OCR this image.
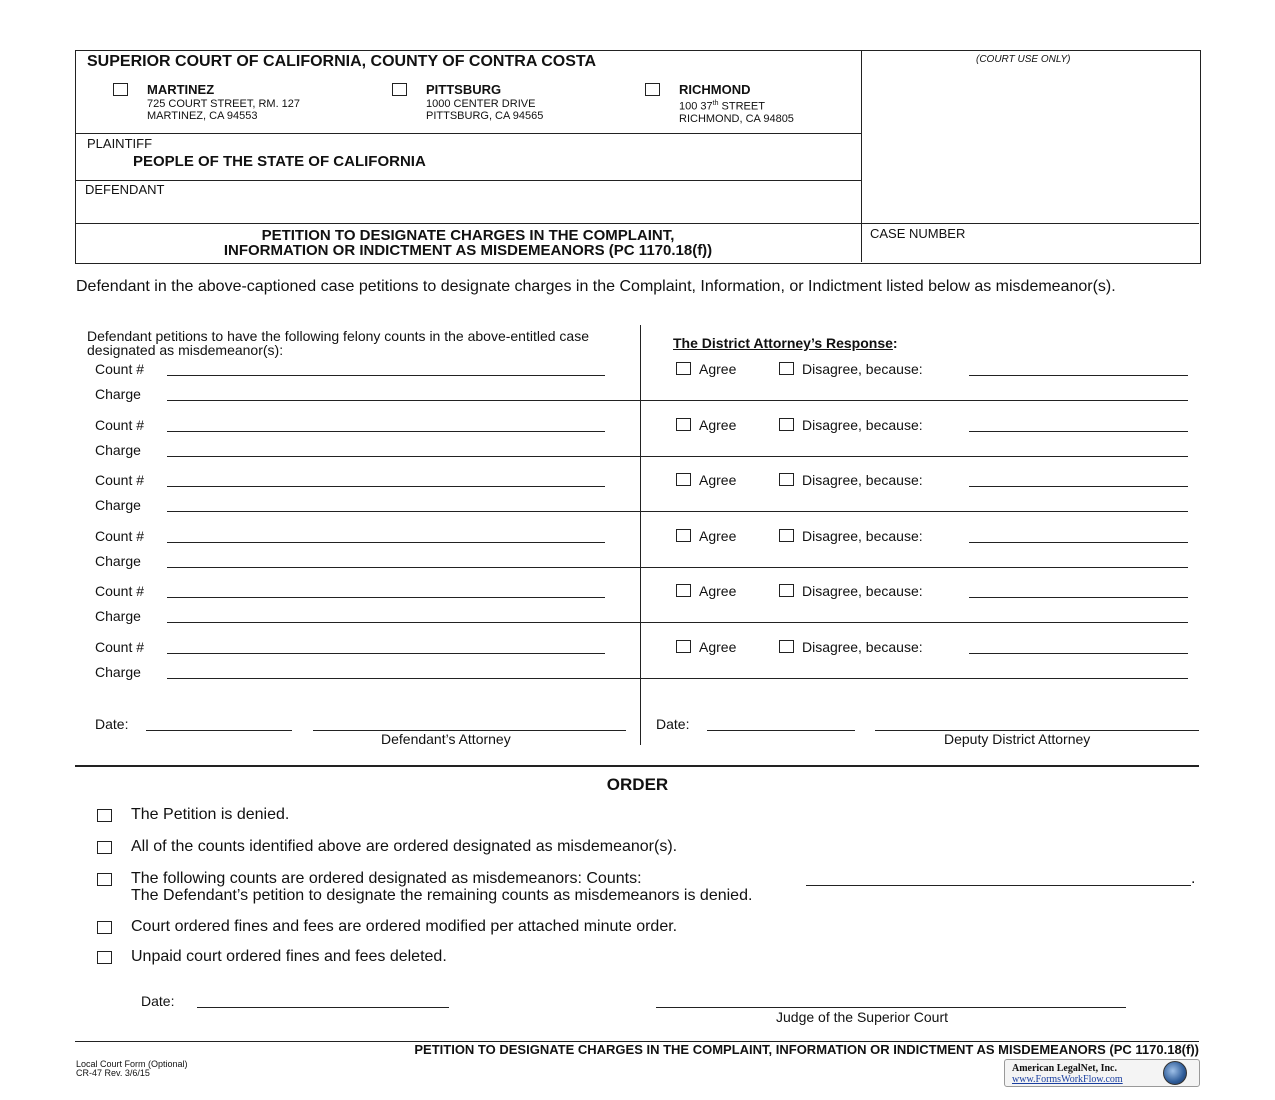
SUPERIOR COURT OF CALIFORNIA, COUNTY OF CONTRA COSTA	(COURT USE ONLY)
MARTINEZ
725 COURT STREET, RM. 127
MARTINEZ, CA 94553
PITTSBURG
1000 CENTER DRIVE
PITTSBURG, CA 94565
RICHMOND
100 37th STREET
RICHMOND, CA 94805
PLAINTIFF
PEOPLE OF THE STATE OF CALIFORNIA
DEFENDANT
PETITION TO DESIGNATE CHARGES IN THE COMPLAINT,
INFORMATION OR INDICTMENT AS MISDEMEANORS (PC 1170.18(f))
CASE NUMBER
Defendant in the above-captioned case petitions to designate charges in the Complaint, Information, or Indictment listed below as misdemeanor(s).
Defendant petitions to have the following felony counts in the above-entitled case designated as misdemeanor(s):	The District Attorney’s Response:
Count #
Charge
Agree	Disagree, because:
Count #
Charge
Agree	Disagree, because:
Count #
Charge
Agree	Disagree, because:
Count #
Charge
Agree	Disagree, because:
Count #
Charge
Agree	Disagree, because:
Count #
Charge
Agree	Disagree, because:
Date:
Defendant’s Attorney
Date:
Deputy District Attorney
ORDER
The Petition is denied.
All of the counts identified above are ordered designated as misdemeanor(s).
The following counts are ordered designated as misdemeanors: Counts:	.
The Defendant’s petition to designate the remaining counts as misdemeanors is denied.
Court ordered fines and fees are ordered modified per attached minute order.
Unpaid court ordered fines and fees deleted.
Date:
Judge of the Superior Court
PETITION TO DESIGNATE CHARGES IN THE COMPLAINT, INFORMATION OR INDICTMENT AS MISDEMEANORS (PC 1170.18(f))
Local Court Form (Optional)
CR-47 Rev. 3/6/15	American LegalNet, Inc.
www.FormsWorkFlow.com
